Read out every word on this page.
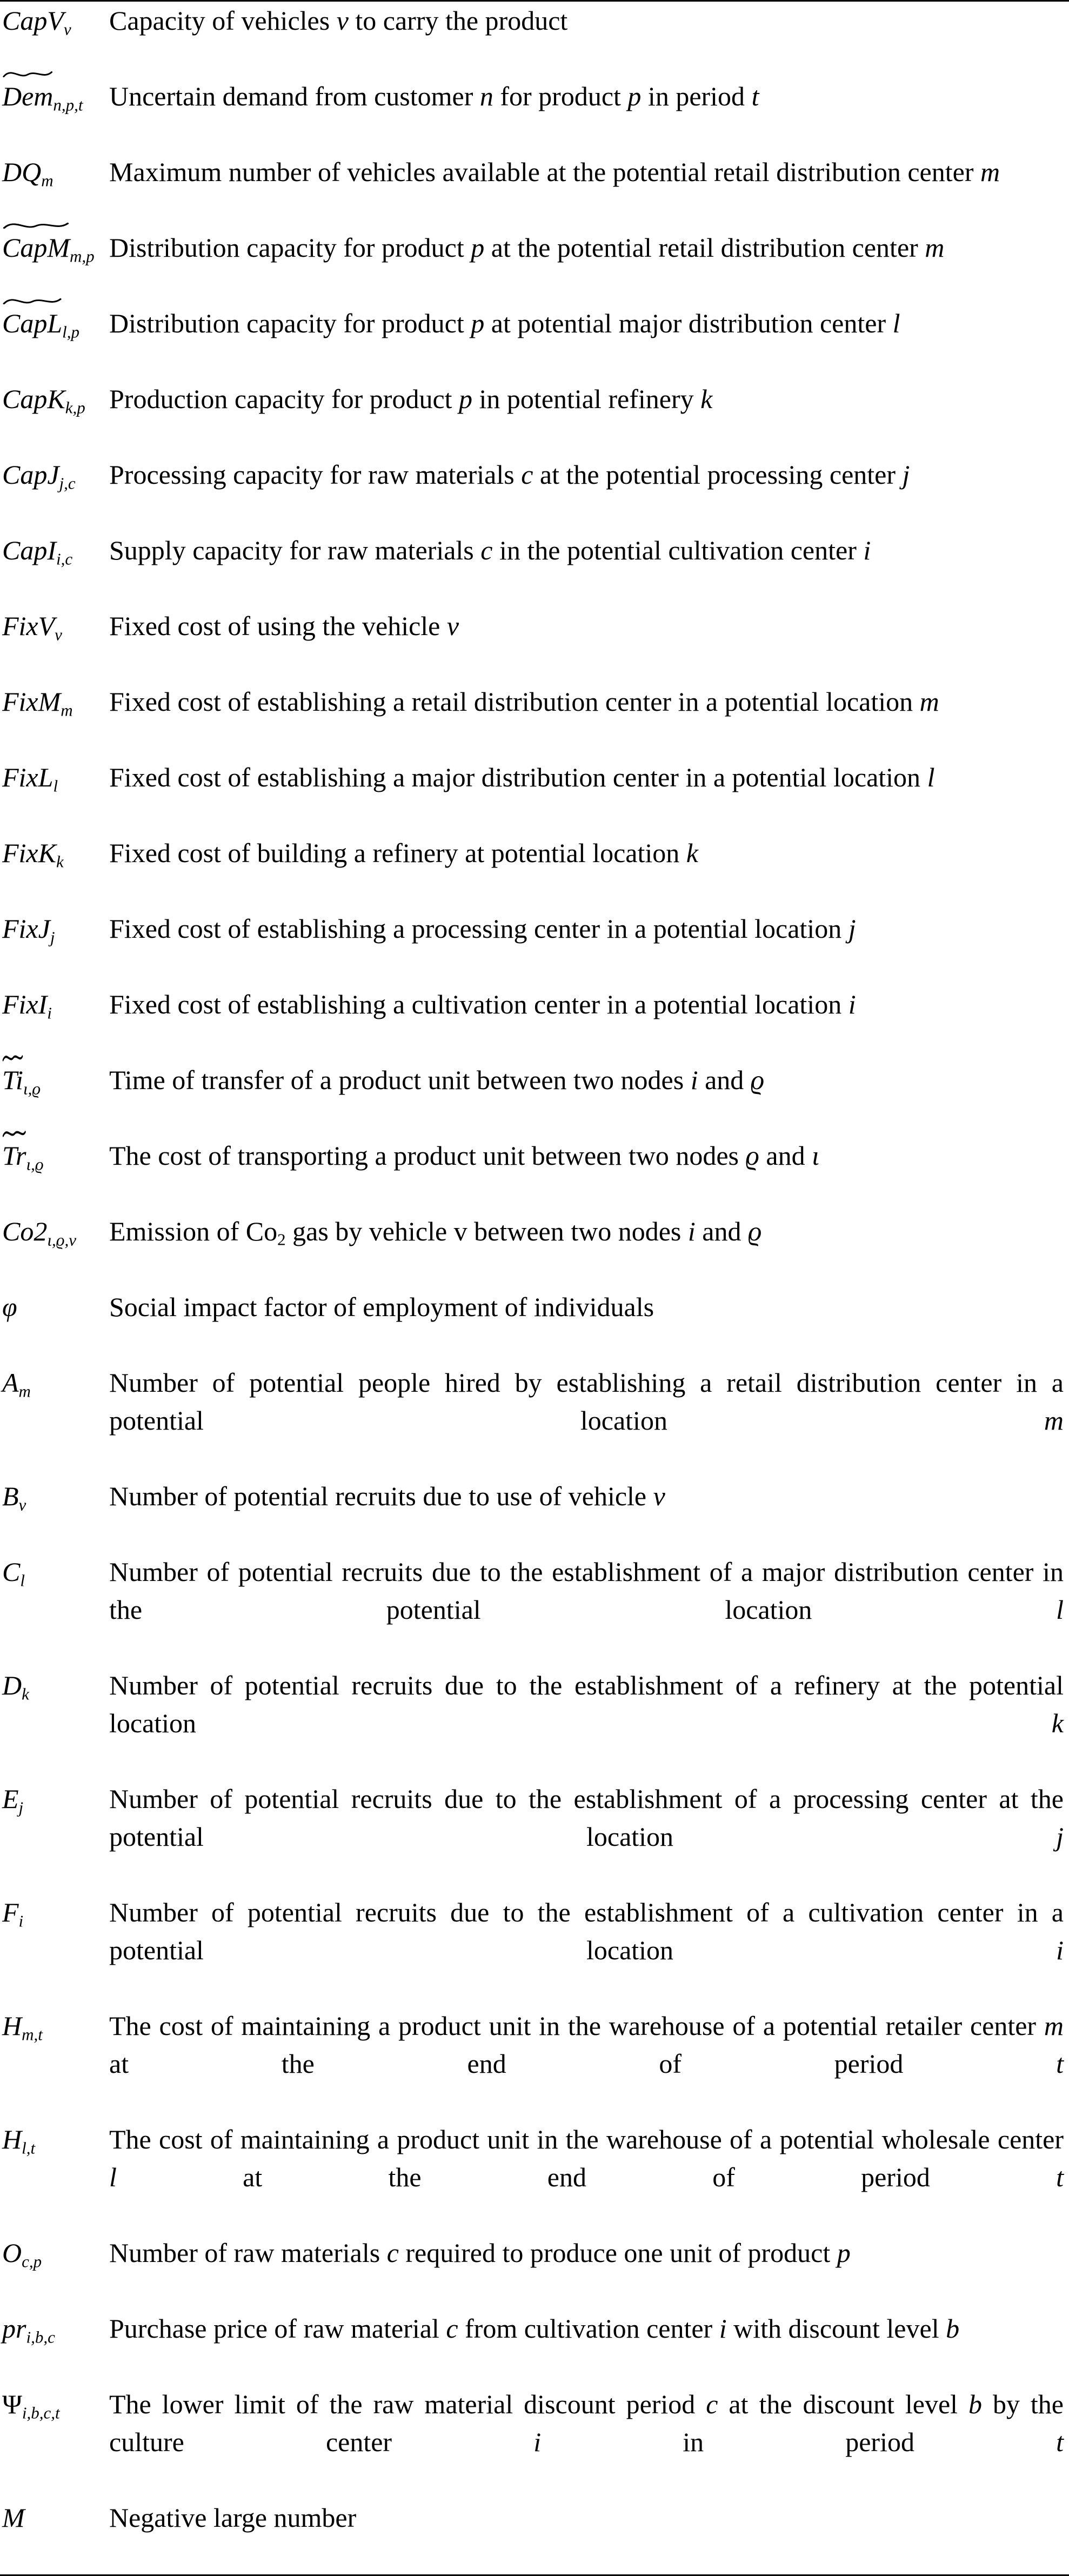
CapV$_v$	Capacity of vehicles v to carry the product

Dem$_{n,p,t}$	Uncertain demand from customer n for product p in period t

$DQ_m$	Maximum number of vehicles available at the potential retail distribution center m

CapM$_{m,p}$	Distribution capacity for product p at the potential retail distribution center m

CapL$_{l,p}$	Distribution capacity for product p at potential major distribution center l

CapK$_{k,p}$	Production capacity for product p in potential refinery k

CapJ$_{j,c}$	Processing capacity for raw materials c at the potential processing center j

CapI$_{i,c}$	Supply capacity for raw materials c in the potential cultivation center i

FixV$_v$	Fixed cost of using the vehicle v

FixM$_m$	Fixed cost of establishing a retail distribution center in a potential location m

FixL$_l$	Fixed cost of establishing a major distribution center in a potential location l

FixK$_k$	Fixed cost of building a refinery at potential location k

FixJ$_j$	Fixed cost of establishing a processing center in a potential location j

FixI$_i$	Fixed cost of establishing a cultivation center in a potential location i

$Ti_{\iota,ϱ}$	Time of transfer of a product unit between two nodes i and ϱ

$Tr_{\iota,ϱ}$	The cost of transporting a product unit between two nodes ϱ and ι

$Co2_{\iota,ϱ,v}$	Emission of $Co_2$ gas by vehicle v between two nodes i and ϱ

φ	Social impact factor of employment of individuals

$A_m$	Number of potential people hired by establishing a retail distribution center in a potential location m

$B_v$	Number of potential recruits due to use of vehicle v

$C_l$	Number of potential recruits due to the establishment of a major distribution center in the potential location l

$D_k$	Number of potential recruits due to the establishment of a refinery at the potential location k

$E_j$	Number of potential recruits due to the establishment of a processing center at the potential location j

$F_i$	Number of potential recruits due to the establishment of a cultivation center in a potential location i

$H_{m,t}$	The cost of maintaining a product unit in the warehouse of a potential retailer center m at the end of period t

$H_{l,t}$	The cost of maintaining a product unit in the warehouse of a potential wholesale center l at the end of period t

$O_{c,p}$	Number of raw materials c required to produce one unit of product p

$pr_{i,b,c}$	Purchase price of raw material c from cultivation center i with discount level b

$\Psi_{i,b,c,t}$	The lower limit of the raw material discount period c at the discount level b by the culture center i in period t

M	Negative large number
